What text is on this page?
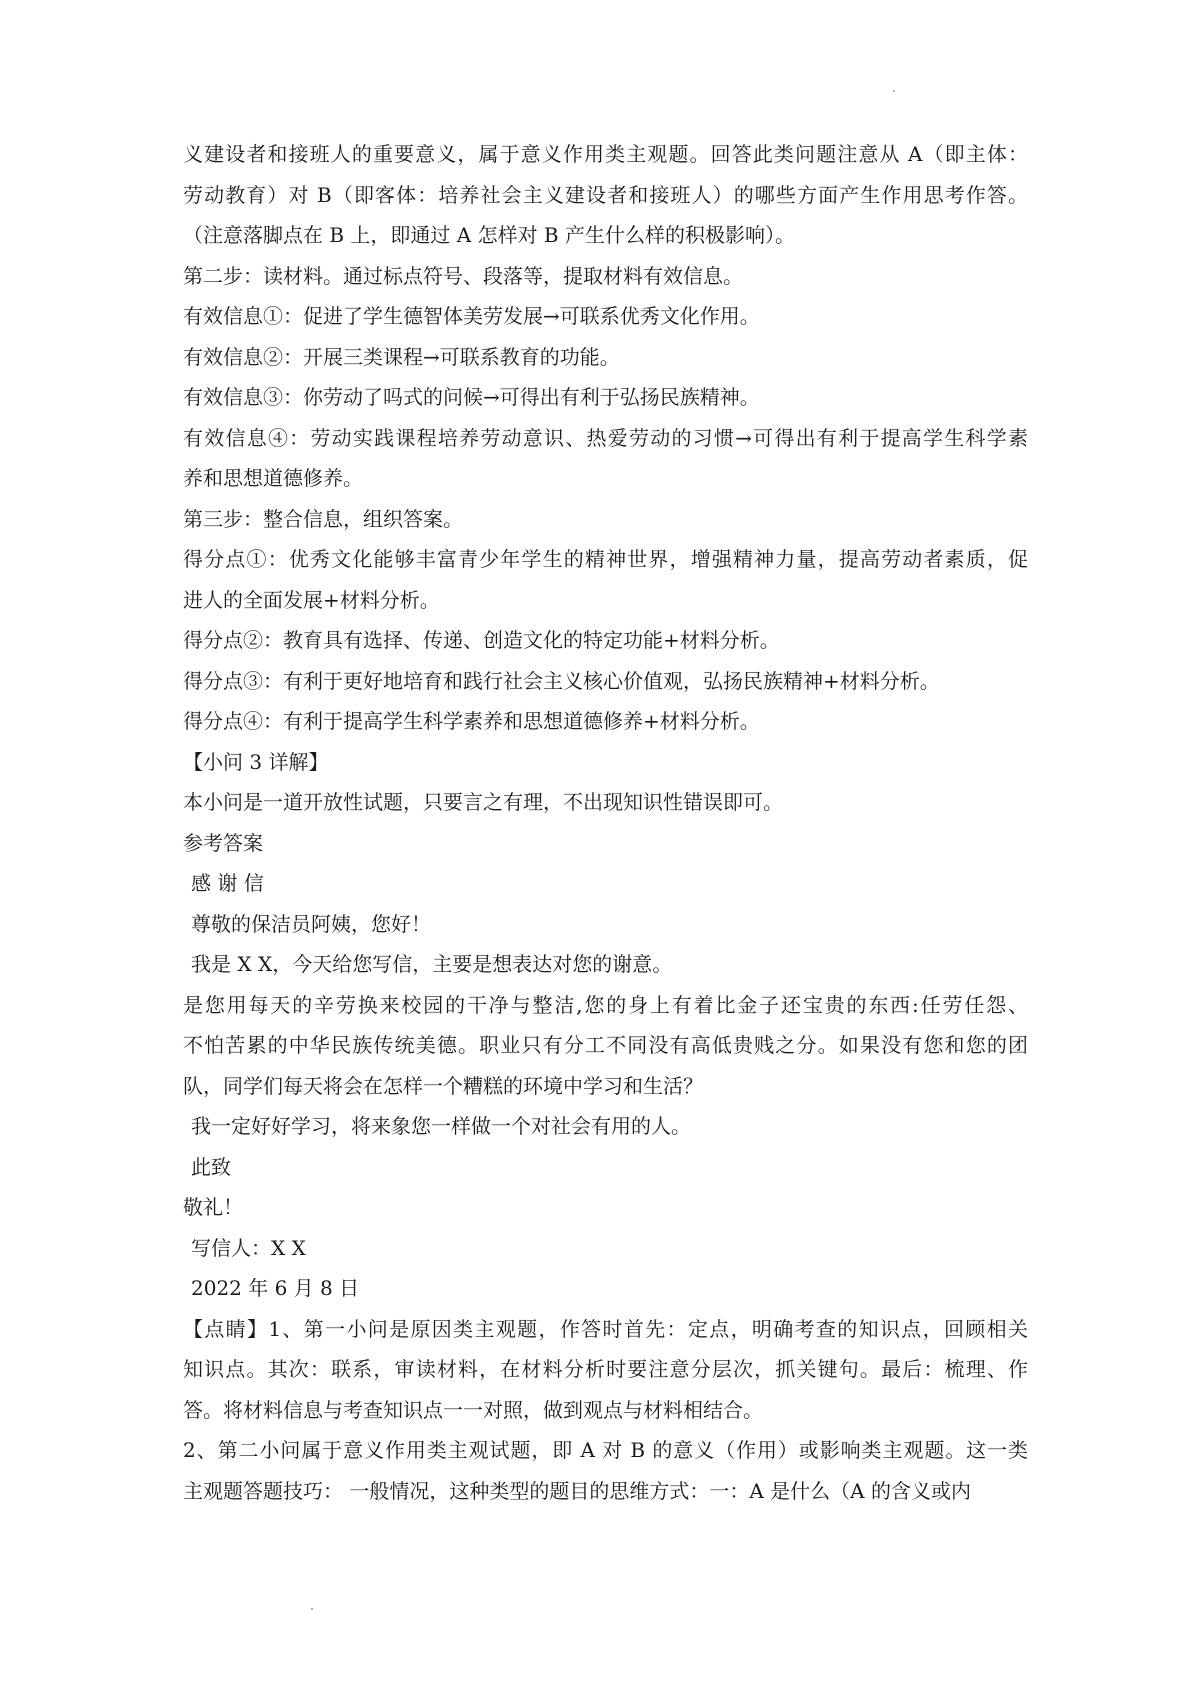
义建设者和接班人的重要意义，属于意义作用类主观题。回答此类问题注意从 A（即主体：
劳动教育）对 B（即客体：培养社会主义建设者和接班人）的哪些方面产生作用思考作答。
（注意落脚点在 B 上，即通过 A 怎样对 B 产生什么样的积极影响）。
第二步：读材料。通过标点符号、段落等，提取材料有效信息。
有效信息①：促进了学生德智体美劳发展→可联系优秀文化作用。
有效信息②：开展三类课程→可联系教育的功能。
有效信息③：你劳动了吗式的问候→可得出有利于弘扬民族精神。
有效信息④：劳动实践课程培养劳动意识、热爱劳动的习惯→可得出有利于提高学生科学素
养和思想道德修养。
第三步：整合信息，组织答案。
得分点①：优秀文化能够丰富青少年学生的精神世界，增强精神力量，提高劳动者素质，促
进人的全面发展+材料分析。
得分点②：教育具有选择、传递、创造文化的特定功能+材料分析。
得分点③：有利于更好地培育和践行社会主义核心价值观，弘扬民族精神+材料分析。
得分点④：有利于提高学生科学素养和思想道德修养+材料分析。
【小问 3 详解】
本小问是一道开放性试题，只要言之有理，不出现知识性错误即可。
参考答案
感 谢 信
尊敬的保洁员阿姨，您好！
我是 X X，今天给您写信，主要是想表达对您的谢意。
是您用每天的辛劳换来校园的干净与整洁,您的身上有着比金子还宝贵的东西:任劳任怨、
不怕苦累的中华民族传统美德。职业只有分工不同没有高低贵贱之分。如果没有您和您的团
队，同学们每天将会在怎样一个糟糕的环境中学习和生活？
我一定好好学习，将来象您一样做一个对社会有用的人。
此致
敬礼！
写信人：X X
2022 年 6 月 8 日
【点睛】1、第一小问是原因类主观题，作答时首先：定点，明确考查的知识点，回顾相关
知识点。其次：联系，审读材料，在材料分析时要注意分层次，抓关键句。最后：梳理、作
答。将材料信息与考查知识点一一对照，做到观点与材料相结合。
2、第二小问属于意义作用类主观试题，即 A 对 B 的意义（作用）或影响类主观题。这一类
主观题答题技巧： 一般情况，这种类型的题目的思维方式：一：A 是什么（A 的含义或内
